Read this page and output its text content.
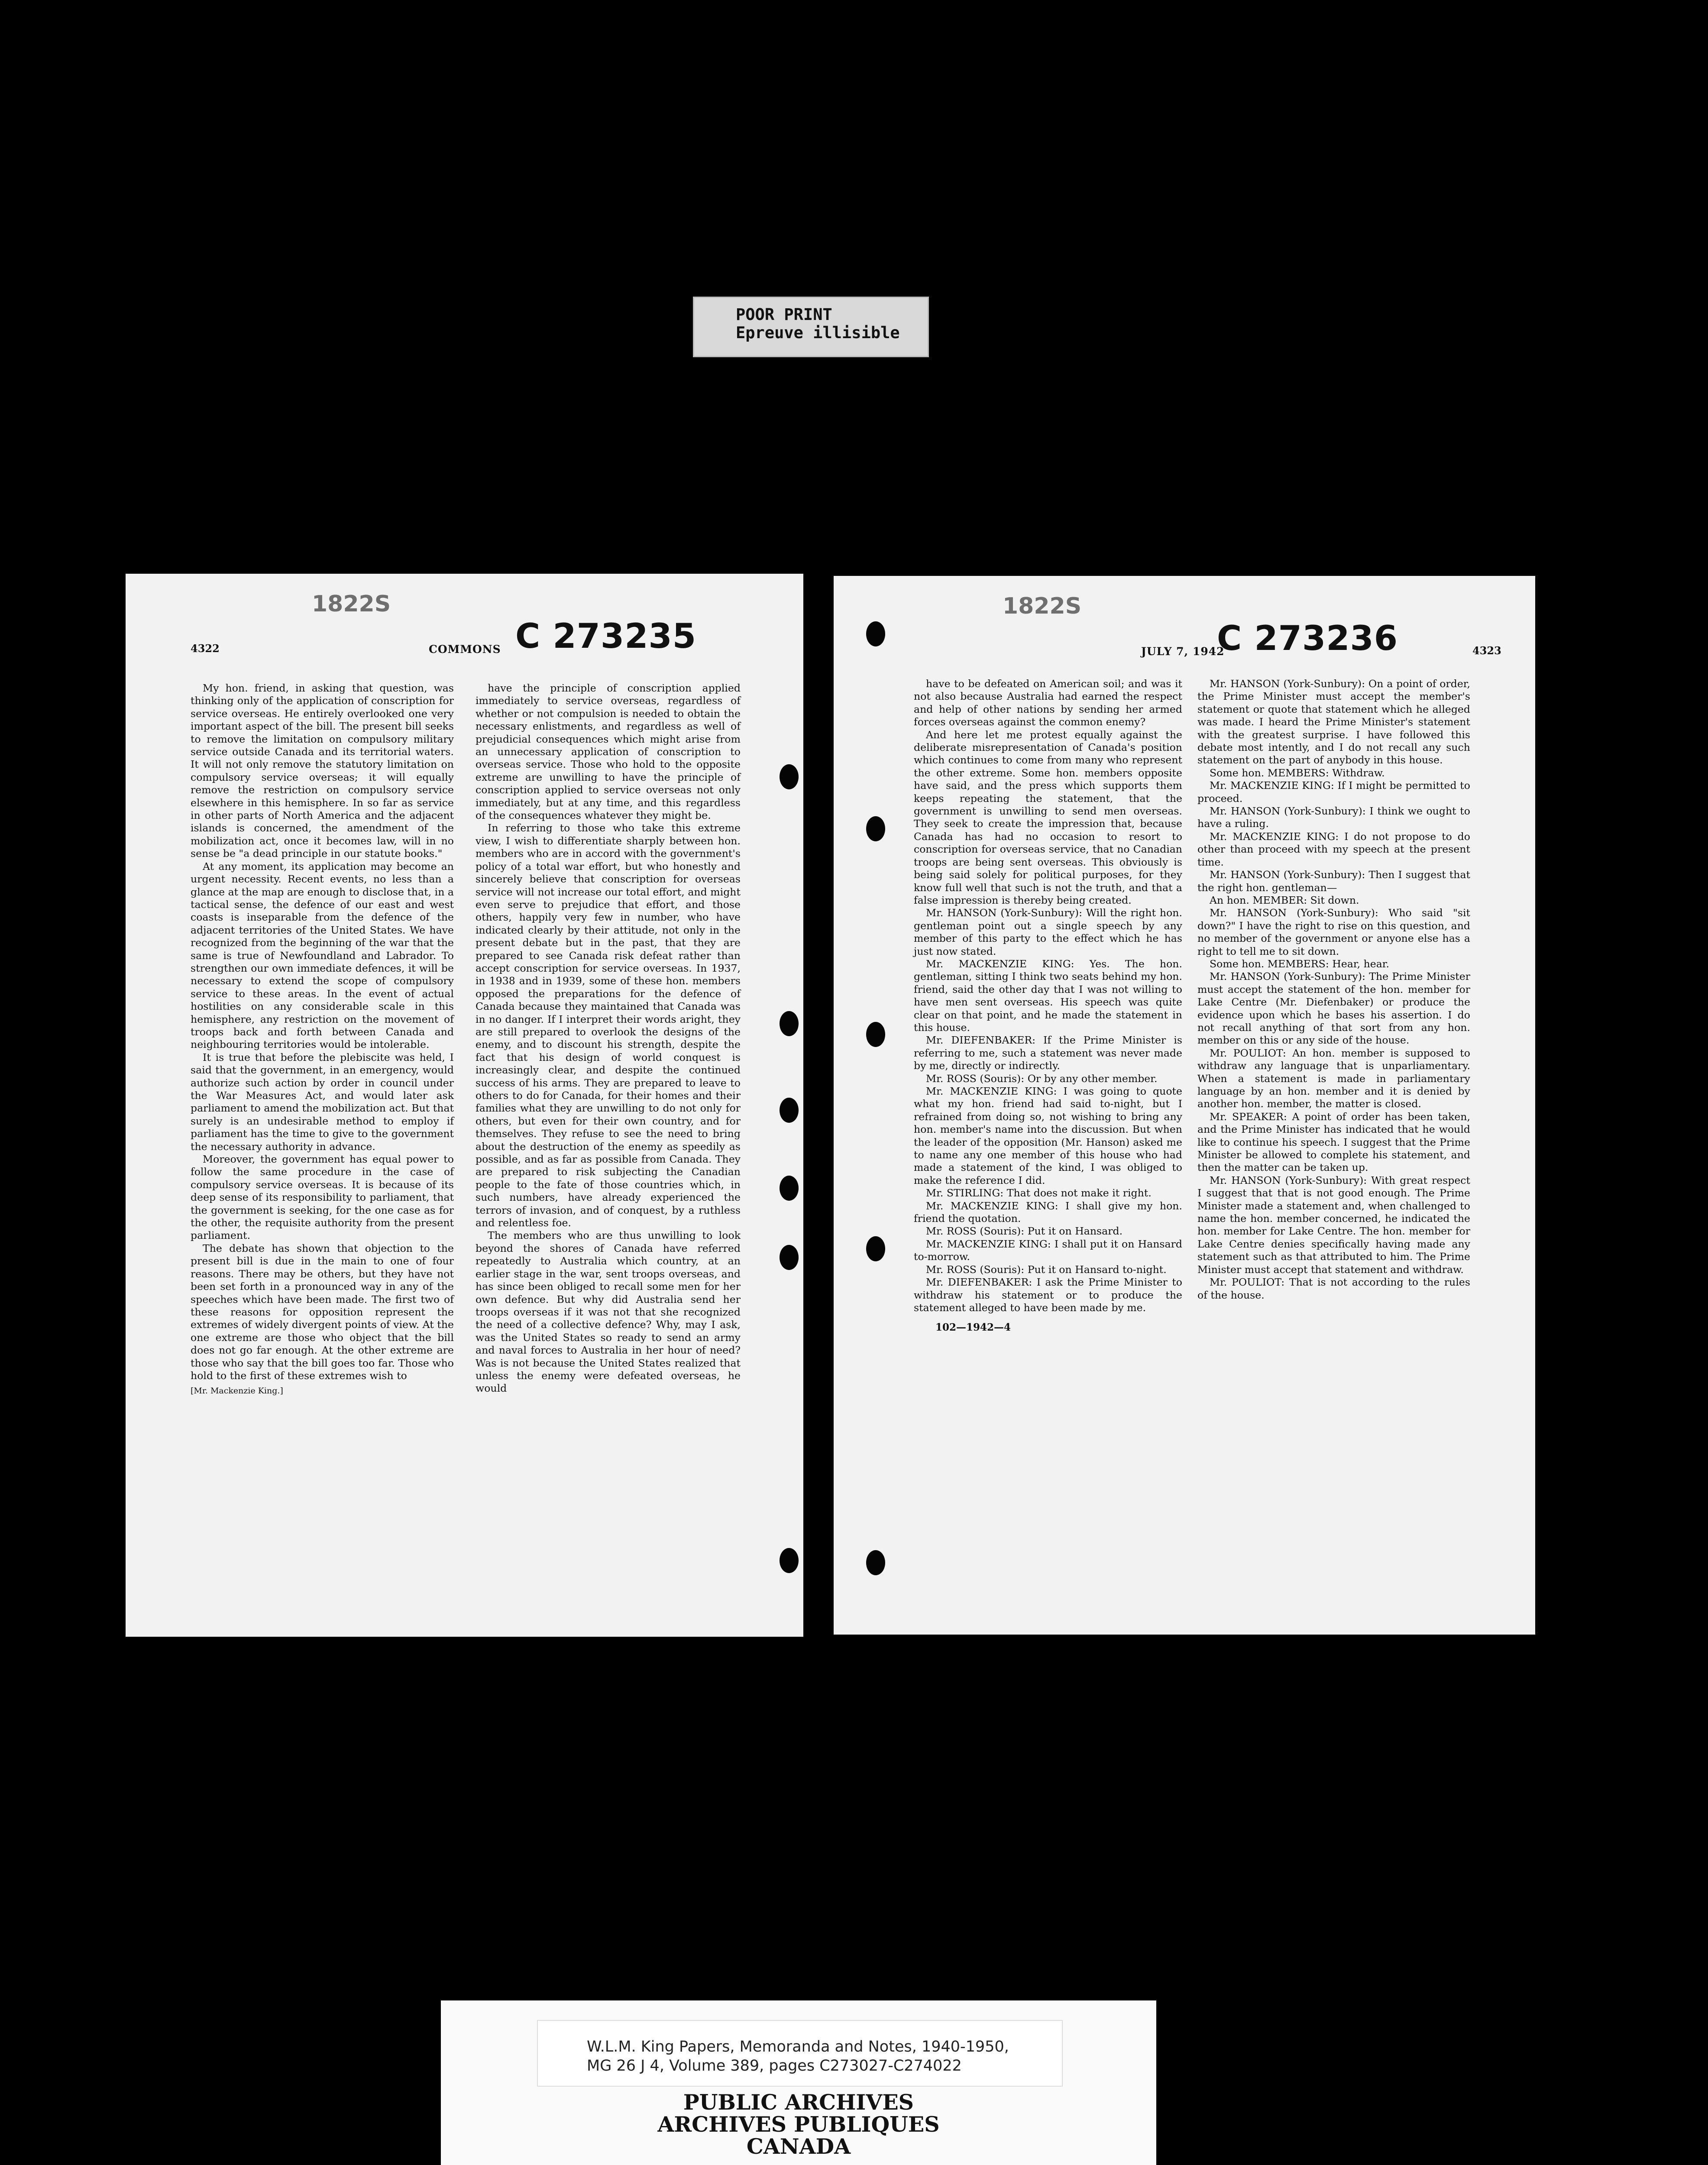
POOR PRINT
Epreuve illisible
1822S
4322	COMMONS C 273235

My hon. friend, in asking that question, was thinking only of the application of conscription for service overseas. He entirely overlooked one very important aspect of the bill. The present bill seeks to remove the limitation on compulsory military service outside Canada and its territorial waters. It will not only remove the statutory limitation on compulsory service overseas; it will equally remove the restriction on compulsory service elsewhere in this hemisphere. In so far as service in other parts of North America and the adjacent islands is concerned, the amendment of the mobilization act, once it becomes law, will in no sense be "a dead principle in our statute books."

At any moment, its application may become an urgent necessity. Recent events, no less than a glance at the map are enough to disclose that, in a tactical sense, the defence of our east and west coasts is inseparable from the defence of the adjacent territories of the United States. We have recognized from the beginning of the war that the same is true of Newfoundland and Labrador. To strengthen our own immediate defences, it will be necessary to extend the scope of compulsory service to these areas. In the event of actual hostilities on any considerable scale in this hemisphere, any restriction on the movement of troops back and forth between Canada and neighbouring territories would be intolerable.

It is true that before the plebiscite was held, I said that the government, in an emergency, would authorize such action by order in council under the War Measures Act, and would later ask parliament to amend the mobilization act. But that surely is an undesirable method to employ if parliament has the time to give to the government the necessary authority in advance.

Moreover, the government has equal power to follow the same procedure in the case of compulsory service overseas. It is because of its deep sense of its responsibility to parliament, that the government is seeking, for the one case as for the other, the requisite authority from the present parliament.

The debate has shown that objection to the present bill is due in the main to one of four reasons. There may be others, but they have not been set forth in a pronounced way in any of the speeches which have been made. The first two of these reasons for opposition represent the extremes of widely divergent points of view. At the one extreme are those who object that the bill does not go far enough. At the other extreme are those who say that the bill goes too far. Those who hold to the first of these extremes wish to

[Mr. Mackenzie King.]

have the principle of conscription applied immediately to service overseas, regardless of whether or not compulsion is needed to obtain the necessary enlistments, and regardless as well of prejudicial consequences which might arise from an unnecessary application of conscription to overseas service. Those who hold to the opposite extreme are unwilling to have the principle of conscription applied to service overseas not only immediately, but at any time, and this regardless of the consequences whatever they might be.

In referring to those who take this extreme view, I wish to differentiate sharply between hon. members who are in accord with the government's policy of a total war effort, but who honestly and sincerely believe that conscription for overseas service will not increase our total effort, and might even serve to prejudice that effort, and those others, happily very few in number, who have indicated clearly by their attitude, not only in the present debate but in the past, that they are prepared to see Canada risk defeat rather than accept conscription for service overseas. In 1937, in 1938 and in 1939, some of these hon. members opposed the preparations for the defence of Canada because they maintained that Canada was in no danger. If I interpret their words aright, they are still prepared to overlook the designs of the enemy, and to discount his strength, despite the fact that his design of world conquest is increasingly clear, and despite the continued success of his arms. They are prepared to leave to others to do for Canada, for their homes and their families what they are unwilling to do not only for others, but even for their own country, and for themselves. They refuse to see the need to bring about the destruction of the enemy as speedily as possible, and as far as possible from Canada. They are prepared to risk subjecting the Canadian people to the fate of those countries which, in such numbers, have already experienced the terrors of invasion, and of conquest, by a ruthless and relentless foe.

The members who are thus unwilling to look beyond the shores of Canada have referred repeatedly to Australia which country, at an earlier stage in the war, sent troops overseas, and has since been obliged to recall some men for her own defence. But why did Australia send her troops overseas if it was not that she recognized the need of a collective defence? Why, may I ask, was the United States so ready to send an army and naval forces to Australia in her hour of need? Was is not because the United States realized that unless the enemy were defeated overseas, he would

1822S
JULY 7, 1942
C 273236	4323

have to be defeated on American soil; and was it not also because Australia had earned the respect and help of other nations by sending her armed forces overseas against the common enemy?

And here let me protest equally against the deliberate misrepresentation of Canada's position which continues to come from many who represent the other extreme. Some hon. members opposite have said, and the press which supports them keeps repeating the statement, that the government is unwilling to send men overseas. They seek to create the impression that, because Canada has had no occasion to resort to conscription for overseas service, that no Canadian troops are being sent overseas. This obviously is being said solely for political purposes, for they know full well that such is not the truth, and that a false impression is thereby being created.

Mr. HANSON (York-Sunbury): Will the right hon. gentleman point out a single speech by any member of this party to the effect which he has just now stated.

Mr. MACKENZIE KING: Yes. The hon. gentleman, sitting I think two seats behind my hon. friend, said the other day that I was not willing to have men sent overseas. His speech was quite clear on that point, and he made the statement in this house.

Mr. DIEFENBAKER: If the Prime Minister is referring to me, such a statement was never made by me, directly or indirectly.

Mr. ROSS (Souris): Or by any other member.

Mr. MACKENZIE KING: I was going to quote what my hon. friend had said to-night, but I refrained from doing so, not wishing to bring any hon. member's name into the discussion. But when the leader of the opposition (Mr. Hanson) asked me to name any one member of this house who had made a statement of the kind, I was obliged to make the reference I did.

Mr. STIRLING: That does not make it right.

Mr. MACKENZIE KING: I shall give my hon. friend the quotation.

Mr. ROSS (Souris): Put it on Hansard.

Mr. MACKENZIE KING: I shall put it on Hansard to-morrow.

Mr. ROSS (Souris): Put it on Hansard to-night.

Mr. DIEFENBAKER: I ask the Prime Minister to withdraw his statement or to produce the statement alleged to have been made by me.

102—1942—4

Mr. HANSON (York-Sunbury): On a point of order, the Prime Minister must accept the member's statement or quote that statement which he alleged was made. I heard the Prime Minister's statement with the greatest surprise. I have followed this debate most intently, and I do not recall any such statement on the part of anybody in this house.

Some hon. MEMBERS: Withdraw.

Mr. MACKENZIE KING: If I might be permitted to proceed.

Mr. HANSON (York-Sunbury): I think we ought to have a ruling.

Mr. MACKENZIE KING: I do not propose to do other than proceed with my speech at the present time.

Mr. HANSON (York-Sunbury): Then I suggest that the right hon. gentleman—

An hon. MEMBER: Sit down.

Mr. HANSON (York-Sunbury): Who said "sit down?" I have the right to rise on this question, and no member of the government or anyone else has a right to tell me to sit down.

Some hon. MEMBERS: Hear, hear.

Mr. HANSON (York-Sunbury): The Prime Minister must accept the statement of the hon. member for Lake Centre (Mr. Diefenbaker) or produce the evidence upon which he bases his assertion. I do not recall anything of that sort from any hon. member on this or any side of the house.

Mr. POULIOT: An hon. member is supposed to withdraw any language that is unparliamentary. When a statement is made in parliamentary language by an hon. member and it is denied by another hon. member, the matter is closed.

Mr. SPEAKER: A point of order has been taken, and the Prime Minister has indicated that he would like to continue his speech. I suggest that the Prime Minister be allowed to complete his statement, and then the matter can be taken up.

Mr. HANSON (York-Sunbury): With great respect I suggest that that is not good enough. The Prime Minister made a statement and, when challenged to name the hon. member concerned, he indicated the hon. member for Lake Centre. The hon. member for Lake Centre denies specifically having made any statement such as that attributed to him. The Prime Minister must accept that statement and withdraw.

Mr. POULIOT: That is not according to the rules of the house.

W.L.M. King Papers, Memoranda and Notes, 1940-1950,
MG 26 J 4, Volume 389, pages C273027-C274022
PUBLIC ARCHIVES
ARCHIVES PUBLIQUES
CANADA
